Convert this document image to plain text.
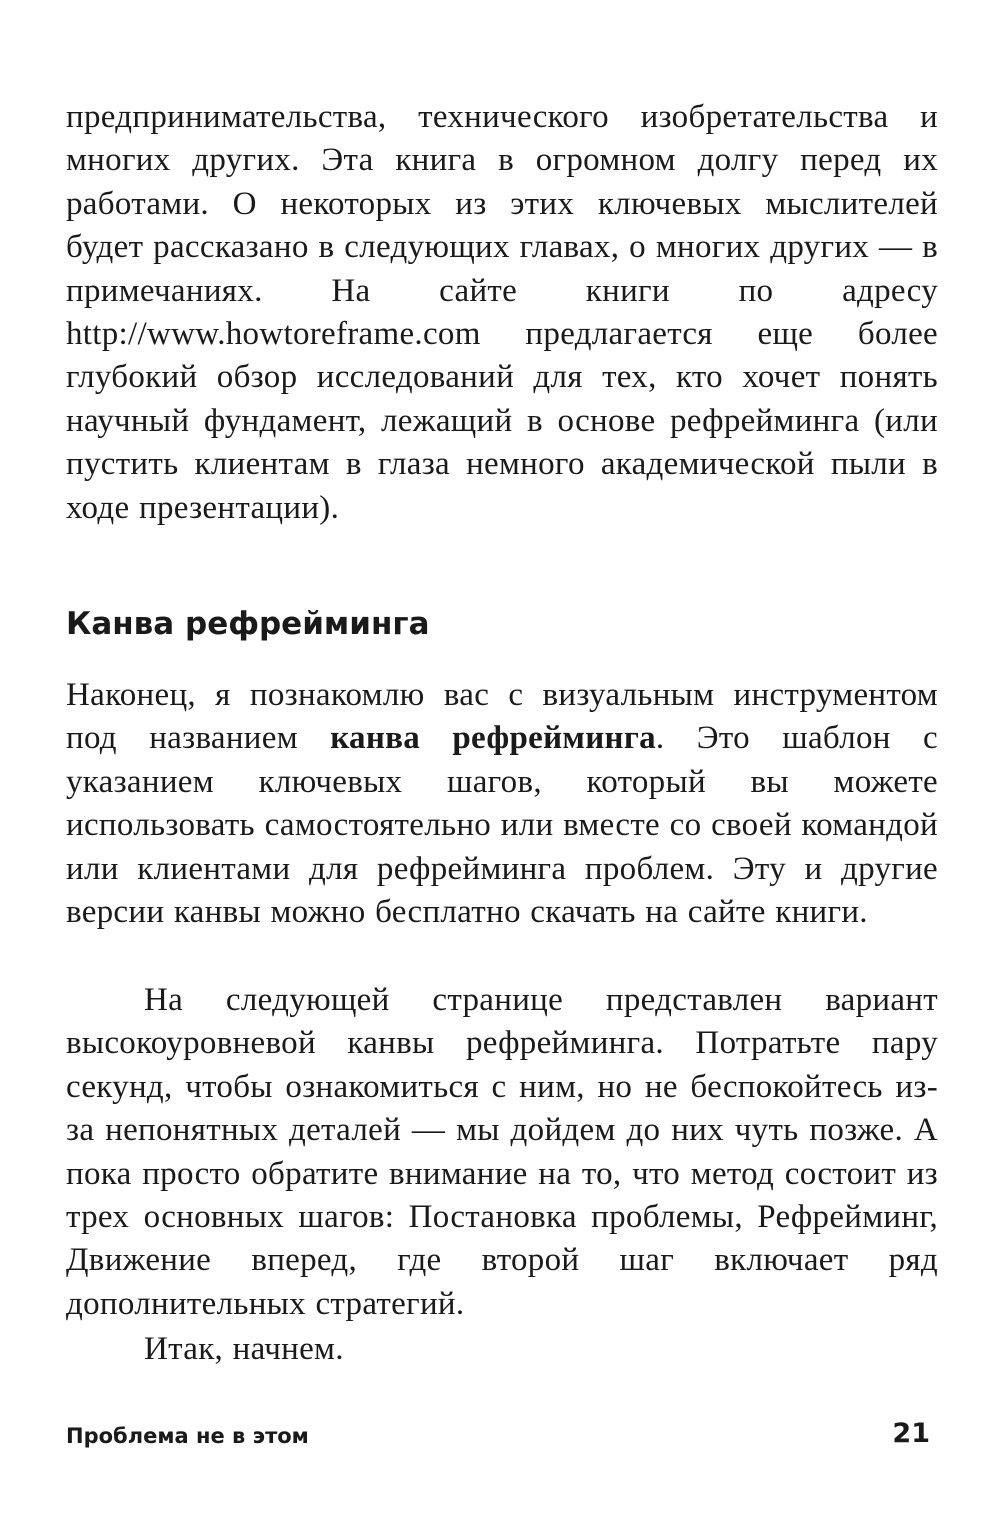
предпринимательства, технического изобретательства и многих других. Эта книга в огромном долгу перед их работами. О некоторых из этих ключевых мыслителей будет рассказано в следующих главах, о многих других — в примечаниях. На сайте книги по адресу http://www.howtoreframe.com предлагается еще более глубокий обзор исследований для тех, кто хочет понять научный фундамент, лежащий в основе рефрейминга (или пустить клиентам в глаза немного академической пыли в ходе презентации).

Канва рефрейминга

Наконец, я познакомлю вас с визуальным инструментом под названием канва рефрейминга. Это шаблон с указанием ключевых шагов, который вы можете использовать самостоятельно или вместе со своей командой или клиентами для рефрейминга проблем. Эту и другие версии канвы можно бесплатно скачать на сайте книги.

На следующей странице представлен вариант высокоуровневой канвы рефрейминга. Потратьте пару секунд, чтобы ознакомиться с ним, но не беспокойтесь из-за непонятных деталей — мы дойдем до них чуть позже. А пока просто обратите внимание на то, что метод состоит из трех основных шагов: Постановка проблемы, Рефрейминг, Движение вперед, где второй шаг включает ряд дополнительных стратегий.

Итак, начнем.

Проблема не в этом	21
